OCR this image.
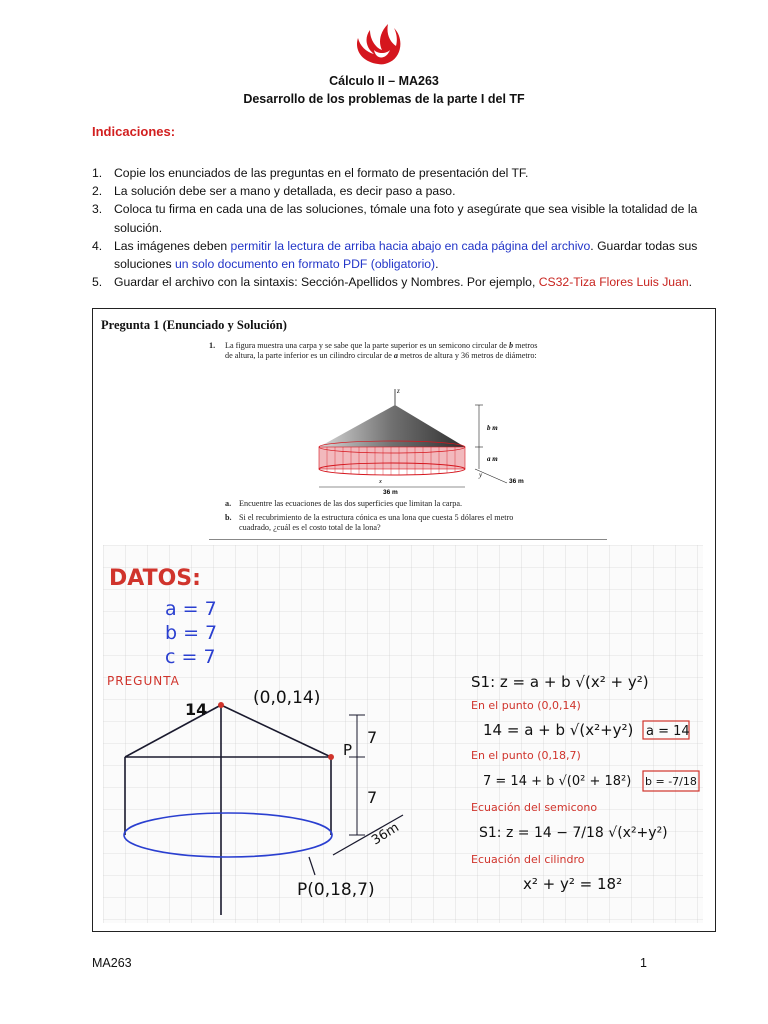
Cálculo II – MA263
Desarrollo de los problemas de la parte I del TF
Indicaciones:
1. Copie los enunciados de las preguntas en el formato de presentación del TF.
2. La solución debe ser a mano y detallada, es decir paso a paso.
3. Coloca tu firma en cada una de las soluciones, tómale una foto y asegúrate que sea visible la totalidad de la solución.
4. Las imágenes deben permitir la lectura de arriba hacia abajo en cada página del archivo. Guardar todas sus soluciones un solo documento en formato PDF (obligatorio).
5. Guardar el archivo con la sintaxis: Sección-Apellidos y Nombres. Por ejemplo, CS32-Tiza Flores Luis Juan.
Pregunta 1 (Enunciado y Solución)
1. La figura muestra una carpa y se sabe que la parte superior es un semicono circular de b metros
de altura, la parte inferior es un cilindro circular de a metros de altura y 36 metros de diámetro:
z
b m
a m
y
36 m
x
36 m
a. Encuentre las ecuaciones de las dos superficies que limitan la carpa.
b. Si el recubrimiento de la estructura cónica es una lona que cuesta 5 dólares el metro
cuadrado, ¿cuál es el costo total de la lona?
DATOS:
a = 7
b = 7
c = 7
PREGUNTA
(0,0,14)
14
P
7
7
36m
P(0,18,7)
S1: z = a + b √(x² + y²)
En el punto (0,0,14)
14 = a + b √(x²+y²) a = 14
En el punto (0,18,7)
7 = 14 + b √(0² + 18²) b = -7/18
Ecuación del semicono
S1: z = 14 − 7/18 √(x²+y²)
Ecuación del cilindro
x² + y² = 18²
MA263	1
